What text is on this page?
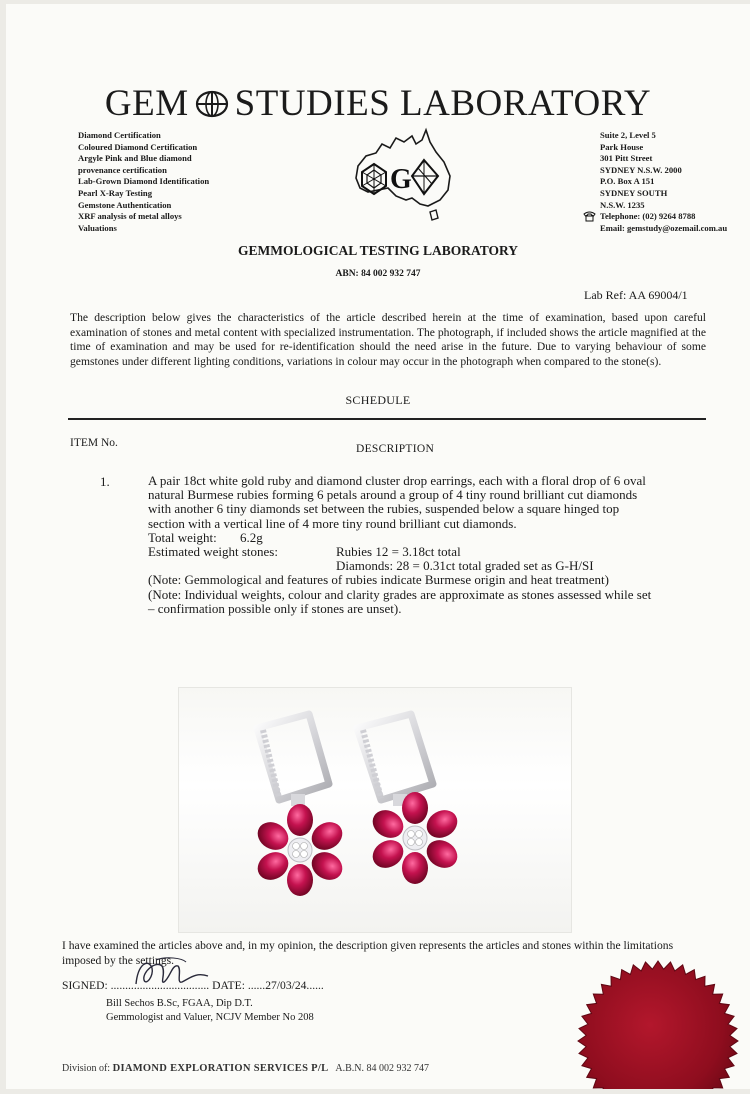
GEM STUDIES LABORATORY
Diamond Certification
Coloured Diamond Certification
Argyle Pink and Blue diamond
provenance certification
Lab-Grown Diamond Identification
Pearl X-Ray Testing
Gemstone Authentication
XRF analysis of metal alloys
Valuations
G
Suite 2, Level 5
Park House
301 Pitt Street
SYDNEY N.S.W. 2000
P.O. Box A 151
SYDNEY SOUTH
N.S.W. 1235
Telephone: (02) 9264 8788
Email: gemstudy@ozemail.com.au
GEMMOLOGICAL TESTING LABORATORY
ABN: 84 002 932 747
Lab Ref: AA 69004/1
The description below gives the characteristics of the article described herein at the time of examination, based upon careful examination of stones and metal content with specialized instrumentation. The photograph, if included shows the article magnified at the time of examination and may be used for re-identification should the need arise in the future. Due to varying behaviour of some gemstones under different lighting conditions, variations in colour may occur in the photograph when compared to the stone(s).
SCHEDULE
ITEM No.	DESCRIPTION
1.	A pair 18ct white gold ruby and diamond cluster drop earrings, each with a floral drop of 6 oval natural Burmese rubies forming 6 petals around a group of 4 tiny round brilliant cut diamonds with another 6 tiny diamonds set between the rubies, suspended below a square hinged top section with a vertical line of 4 more tiny round brilliant cut diamonds.

Total weight:	6.2g
Estimated weight stones:	Rubies 12 = 3.18ct total
Diamonds: 28 = 0.31ct total graded set as G-H/SI

(Note: Gemmological and features of rubies indicate Burmese origin and heat treatment)

(Note: Individual weights, colour and clarity grades are approximate as stones assessed while set – confirmation possible only if stones are unset).

I have examined the articles above and, in my opinion, the description given represents the articles and stones within the limitations imposed by the settings.
SIGNED: .................................. DATE: ......27/03/24......
Bill Sechos B.Sc, FGAA, Dip D.T.
Gemmologist and Valuer, NCJV Member No 208
Division of: DIAMOND EXPLORATION SERVICES P/L A.B.N. 84 002 932 747
